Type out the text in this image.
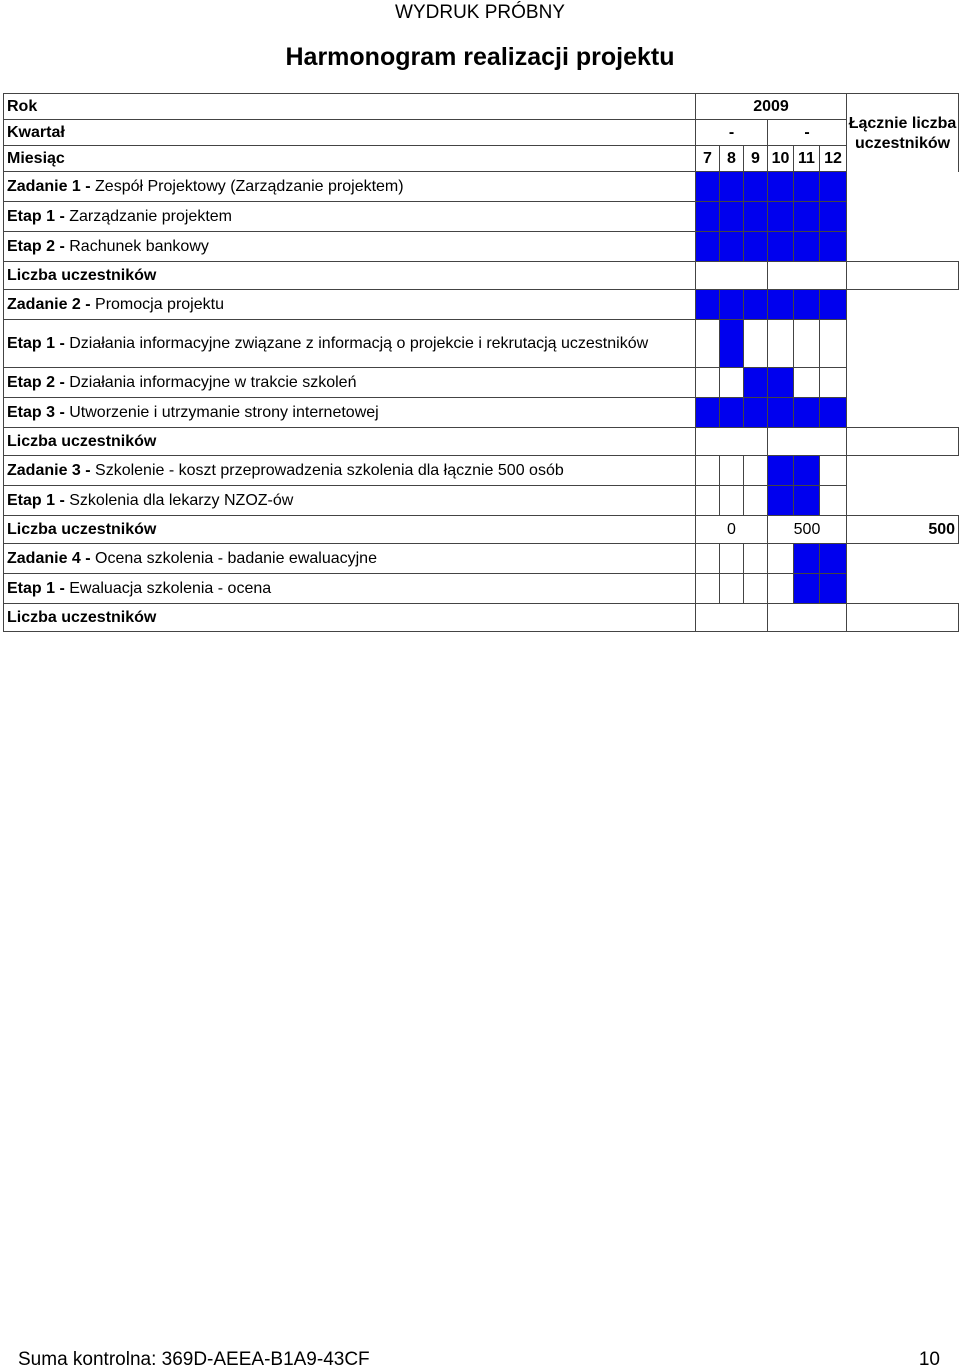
WYDRUK PRÓBNY
Harmonogram realizacji projektu
Rok	2009						Łącznie liczba uczestników
Kwartał	-			-			
Miesiąc	7	8	9	10	11	12	
Zadanie 1 - Zespół Projektowy (Zarządzanie projektem)							
Etap 1 - Zarządzanie projektem							
Etap 2 - Rachunek bankowy							
Liczba uczestników							
Zadanie 2 - Promocja projektu							
Etap 1 - Działania informacyjne związane z informacją o projekcie i rekrutacją uczestników							
Etap 2 - Działania informacyjne w trakcie szkoleń							
Etap 3 - Utworzenie i utrzymanie strony internetowej							
Liczba uczestników							
Zadanie 3 - Szkolenie - koszt przeprowadzenia szkolenia dla łącznie 500 osób							
Etap 1 - Szkolenia dla lekarzy NZOZ-ów							
Liczba uczestników	0			500			500
Zadanie 4 - Ocena szkolenia - badanie ewaluacyjne							
Etap 1 - Ewaluacja szkolenia - ocena							
Liczba uczestników							
Suma kontrolna: 369D-AEEA-B1A9-43CF	10
